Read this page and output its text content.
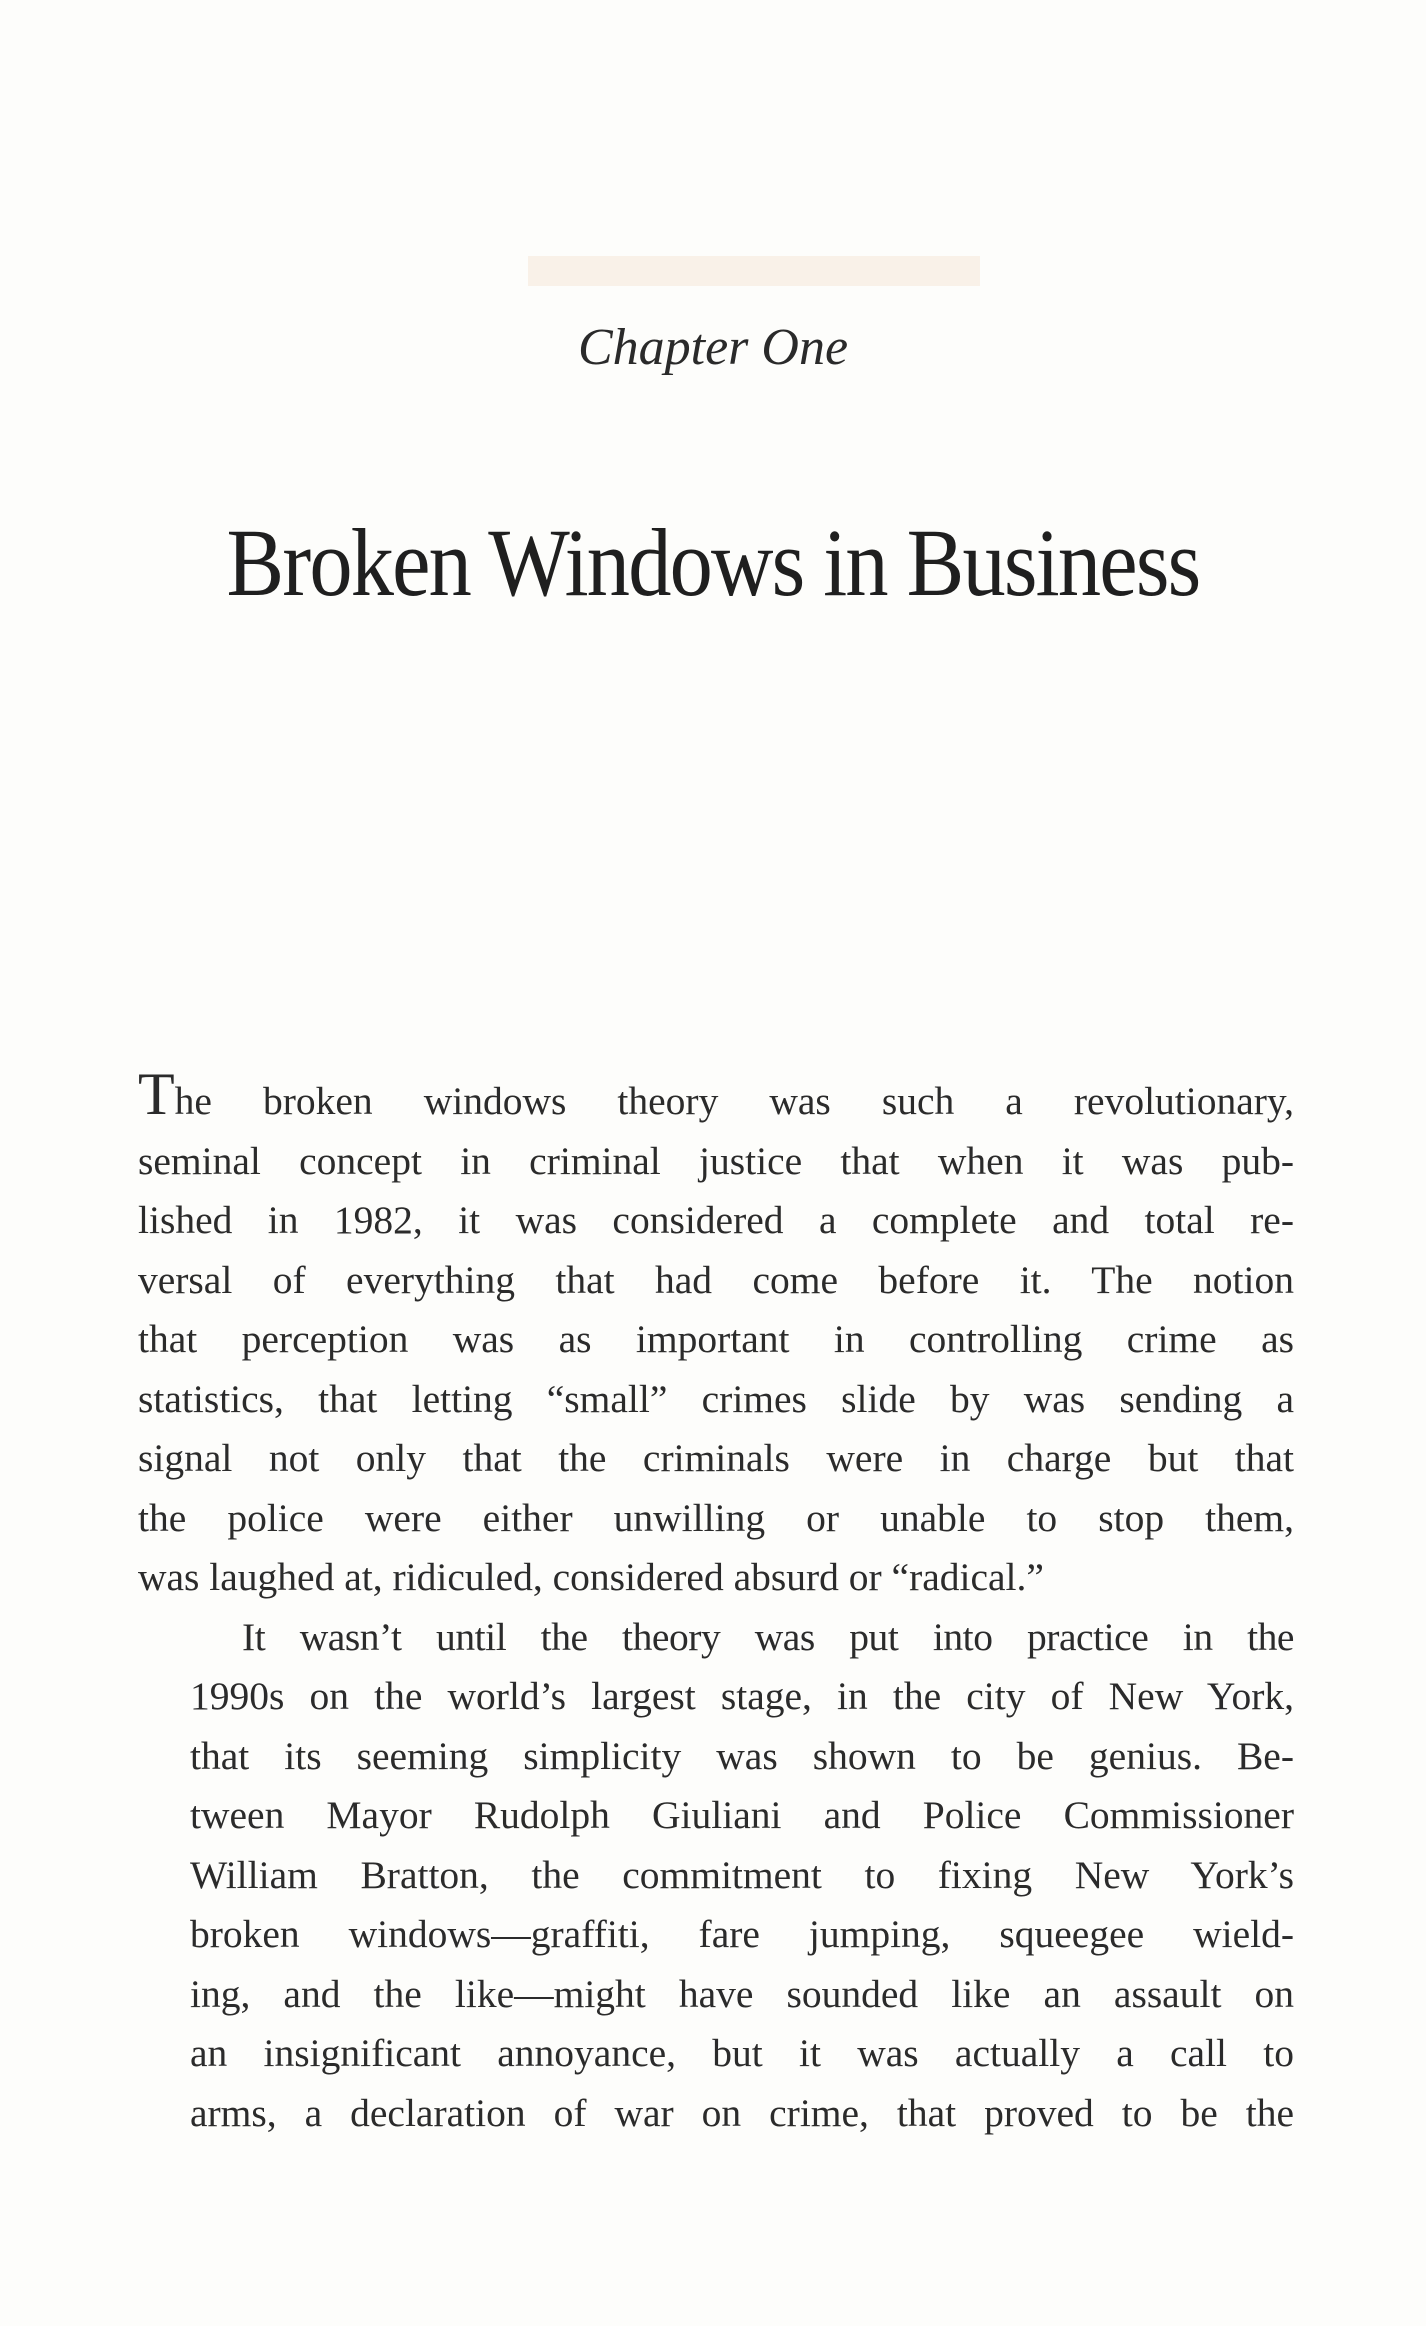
Chapter One
Broken Windows in Business

The broken windows theory was such a revolutionary,
seminal concept in criminal justice that when it was pub-
lished in 1982, it was considered a complete and total re-
versal of everything that had come before it. The notion
that perception was as important in controlling crime as
statistics, that letting “small” crimes slide by was sending a
signal not only that the criminals were in charge but that
the police were either unwilling or unable to stop them,
was laughed at, ridiculed, considered absurd or “radical.”

It wasn’t until the theory was put into practice in the
1990s on the world’s largest stage, in the city of New York,
that its seeming simplicity was shown to be genius. Be-
tween Mayor Rudolph Giuliani and Police Commissioner
William Bratton, the commitment to fixing New York’s
broken windows—graffiti, fare jumping, squeegee wield-
ing, and the like—might have sounded like an assault on
an insignificant annoyance, but it was actually a call to
arms, a declaration of war on crime, that proved to be the
